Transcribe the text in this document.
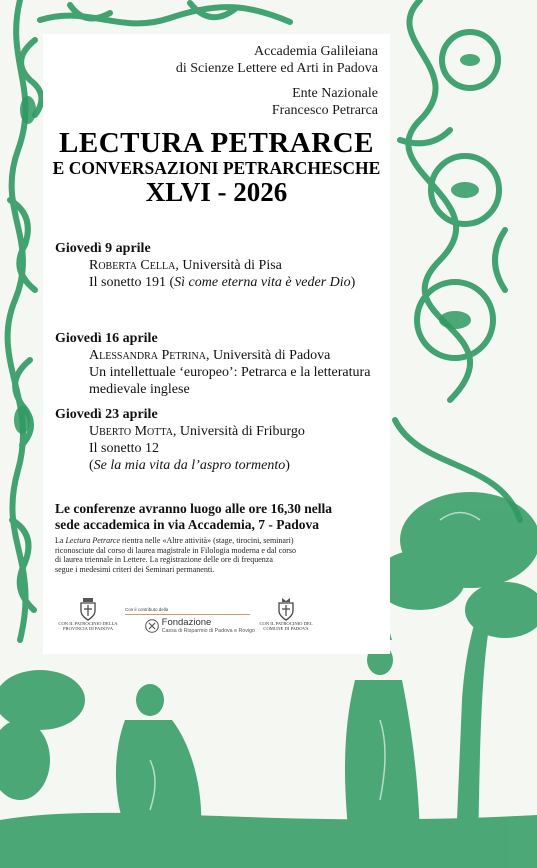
Accademia Galileiana
di Scienze Lettere ed Arti in Padova
Ente Nazionale
Francesco Petrarca
LECTURA PETRARCE
E CONVERSAZIONI PETRARCHESCHE
XLVI - 2026
Giovedì 9 aprile
Roberta Cella, Università di Pisa
Il sonetto 191 (Sì come eterna vita è veder Dio)
Giovedì 16 aprile
Alessandra Petrina, Università di Padova
Un intellettuale ‘europeo’: Petrarca e la letteratura
medievale inglese
Giovedì 23 aprile
Uberto Motta, Università di Friburgo
Il sonetto 12
(Se la mia vita da l’aspro tormento)
Le conferenze avranno luogo alle ore 16,30 nella
sede accademica in via Accademia, 7 - Padova
La Lectura Petrarce rientra nelle «Altre attività» (stage, tirocini, seminari)
riconosciute dal corso di laurea magistrale in Filologia moderna e dal corso
di laurea triennale in Lettere. La registrazione delle ore di frequenza
segue i medesimi criteri dei Seminari permanenti.
CON IL PATROCINIO DELLA
PROVINCIA DI PADOVA
Con il contributo della
Fondazione
Cassa di Risparmio di Padova e Rovigo
CON IL PATROCINIO DEL
COMUNE DI PADOVA
